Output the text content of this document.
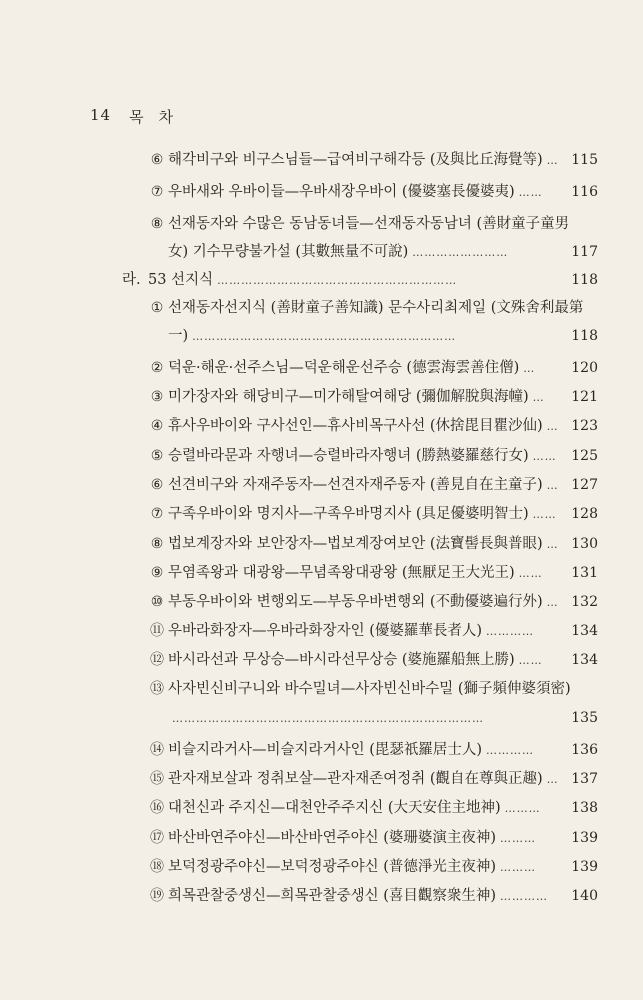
14 목 차
⑥ 해각비구와 비구스님들—급여비구해각등 (及與比丘海覺等) … 115
⑦ 우바새와 우바이들—우바새장우바이 (優婆塞長優婆夷) ……	116
⑧ 선재동자와 수많은 동남동녀들—선재동자동남녀 (善財童子童男
女) 기수무량불가설 (其數無量不可說) ……………………	117
라. 53 선지식 ……………………………………………………	118
① 선재동자선지식 (善財童子善知識) 문수사리최제일 (文殊舍利最第
一) …………………………………………………………	118
② 덕운·해운·선주스님—덕운해운선주승 (德雲海雲善住僧) …	120
③ 미가장자와 해당비구—미가해탈여해당 (彌伽解脫與海幢) …	121
④ 휴사우바이와 구사선인—휴사비목구사선 (休捨毘目瞿沙仙) … 123
⑤ 승렬바라문과 자행녀—승렬바라자행녀 (勝熱婆羅慈行女) ……	125
⑥ 선견비구와 자재주동자—선견자재주동자 (善見自在主童子) … 127
⑦ 구족우바이와 명지사—구족우바명지사 (具足優婆明智士) ……	128
⑧ 법보계장자와 보안장자—법보계장여보안 (法寶髻長與普眼) … 130
⑨ 무염족왕과 대광왕—무념족왕대광왕 (無厭足王大光王) ……	131
⑩ 부동우바이와 변행외도—부동우바변행외 (不動優婆遍行外) … 132
⑪ 우바라화장자—우바라화장자인 (優婆羅華長者人) …………	134
⑫ 바시라선과 무상승—바시라선무상승 (婆施羅船無上勝) ……	134
⑬ 사자빈신비구니와 바수밀녀—사자빈신바수밀 (獅子頻伸婆須密)
……………………………………………………………………	135
⑭ 비슬지라거사—비슬지라거사인 (毘瑟祇羅居士人) …………	136
⑮ 관자재보살과 정취보살—관자재존여정취 (觀自在尊與正趣) … 137
⑯ 대천신과 주지신—대천안주주지신 (大天安住主地神) ………	138
⑰ 바산바연주야신—바산바연주야신 (婆珊婆演主夜神) ………	139
⑱ 보덕정광주야신—보덕정광주야신 (普德淨光主夜神) ………	139
⑲ 희목관찰중생신—희목관찰중생신 (喜目觀察衆生神) …………	140
